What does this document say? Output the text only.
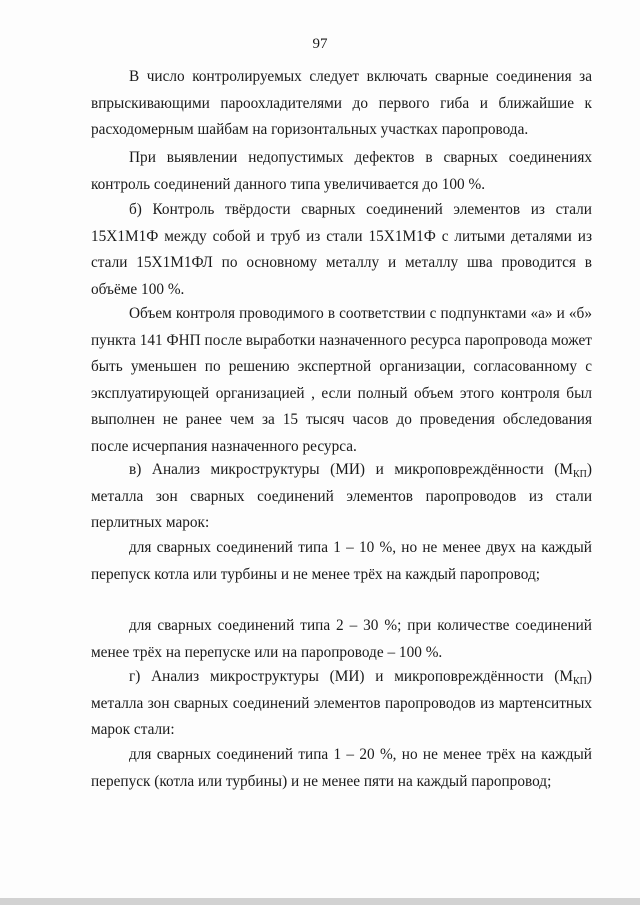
97

В число контролируемых следует включать сварные соединения за впрыскивающими пароохладителями до первого гиба и ближайшие к расходомерным шайбам на горизонтальных участках паропровода.

При выявлении недопустимых дефектов в сварных соединениях контроль соединений данного типа увеличивается до 100 %.

б) Контроль твёрдости сварных соединений элементов из стали 15Х1М1Ф между собой и труб из стали 15Х1М1Ф с литыми деталями из стали 15Х1М1ФЛ по основному металлу и металлу шва проводится в объёме 100 %.

Объем контроля проводимого в соответствии с подпунктами «а» и «б» пункта 141 ФНП после выработки назначенного ресурса паропровода может быть уменьшен по решению экспертной организации, согласованному с эксплуатирующей организацией , если полный объем этого контроля был выполнен не ранее чем за 15 тысяч часов до проведения обследования после исчерпания назначенного ресурса.

в) Анализ микроструктуры (МИ) и микроповреждённости $(М_{КП})$ металла зон сварных соединений элементов паропроводов из стали перлитных марок:

для сварных соединений типа 1 – 10 %, но не менее двух на каждый перепуск котла или турбины и не менее трёх на каждый паропровод;

для сварных соединений типа 2 – 30 %; при количестве соединений менее трёх на перепуске или на паропроводе – 100 %.

г) Анализ микроструктуры (МИ) и микроповреждённости $(М_{КП})$ металла зон сварных соединений элементов паропроводов из мартенситных марок стали:

для сварных соединений типа 1 – 20 %, но не менее трёх на каждый перепуск (котла или турбины) и не менее пяти на каждый паропровод;
